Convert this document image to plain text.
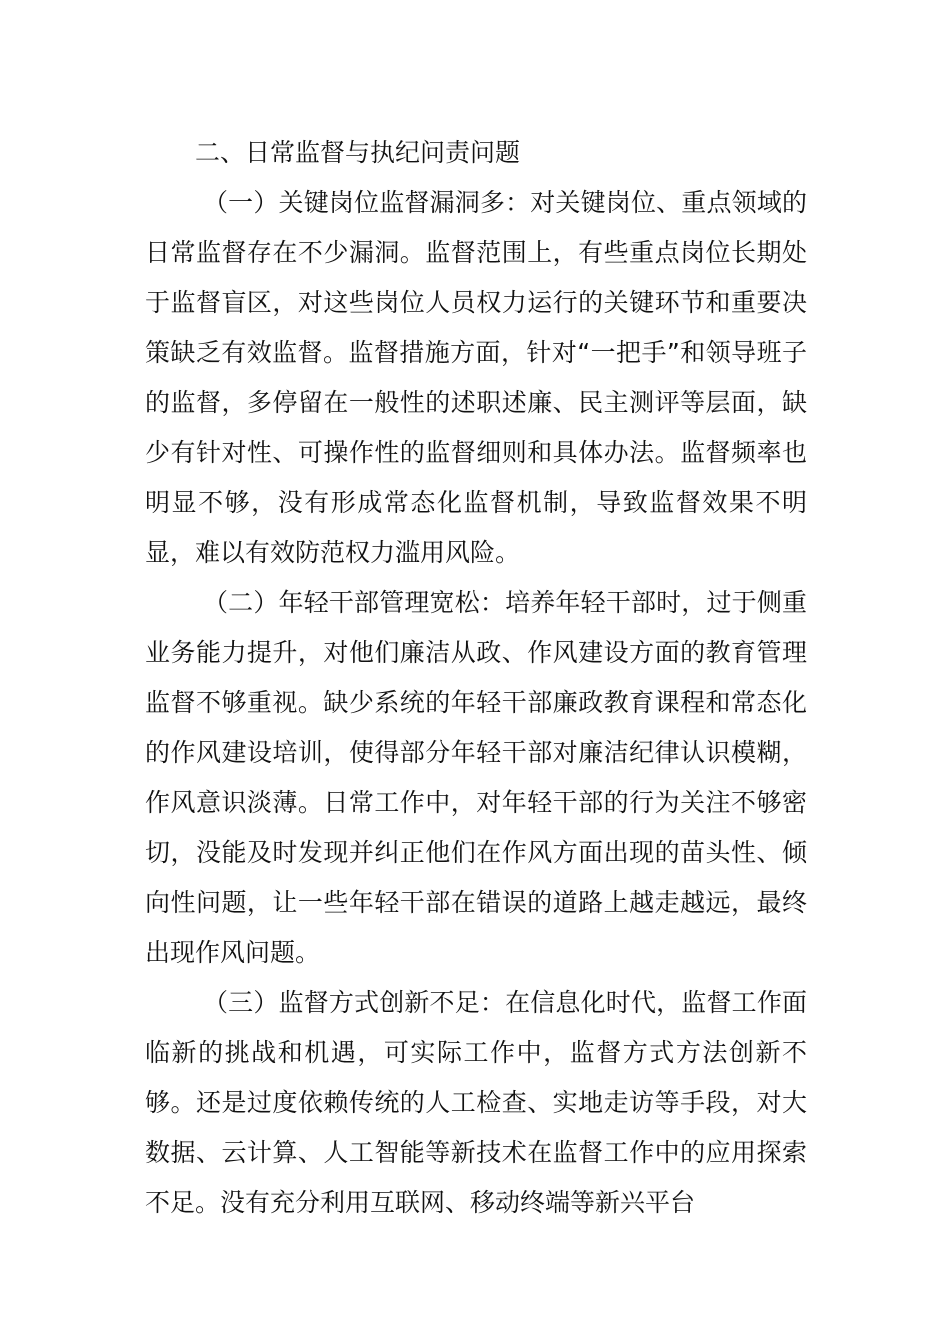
二、日常监督与执纪问责问题

（一）关键岗位监督漏洞多：对关键岗位、重点领域的日常监督存在不少漏洞。监督范围上，有些重点岗位长期处于监督盲区，对这些岗位人员权力运行的关键环节和重要决策缺乏有效监督。监督措施方面，针对“一把手”和领导班子的监督，多停留在一般性的述职述廉、民主测评等层面，缺少有针对性、可操作性的监督细则和具体办法。监督频率也明显不够，没有形成常态化监督机制，导致监督效果不明显，难以有效防范权力滥用风险。

（二）年轻干部管理宽松：培养年轻干部时，过于侧重业务能力提升，对他们廉洁从政、作风建设方面的教育管理监督不够重视。缺少系统的年轻干部廉政教育课程和常态化的作风建设培训，使得部分年轻干部对廉洁纪律认识模糊，作风意识淡薄。日常工作中，对年轻干部的行为关注不够密切，没能及时发现并纠正他们在作风方面出现的苗头性、倾向性问题，让一些年轻干部在错误的道路上越走越远，最终出现作风问题。

（三）监督方式创新不足：在信息化时代，监督工作面临新的挑战和机遇，可实际工作中，监督方式方法创新不够。还是过度依赖传统的人工检查、实地走访等手段，对大数据、云计算、人工智能等新技术在监督工作中的应用探索不足。没有充分利用互联网、移动终端等新兴平台
